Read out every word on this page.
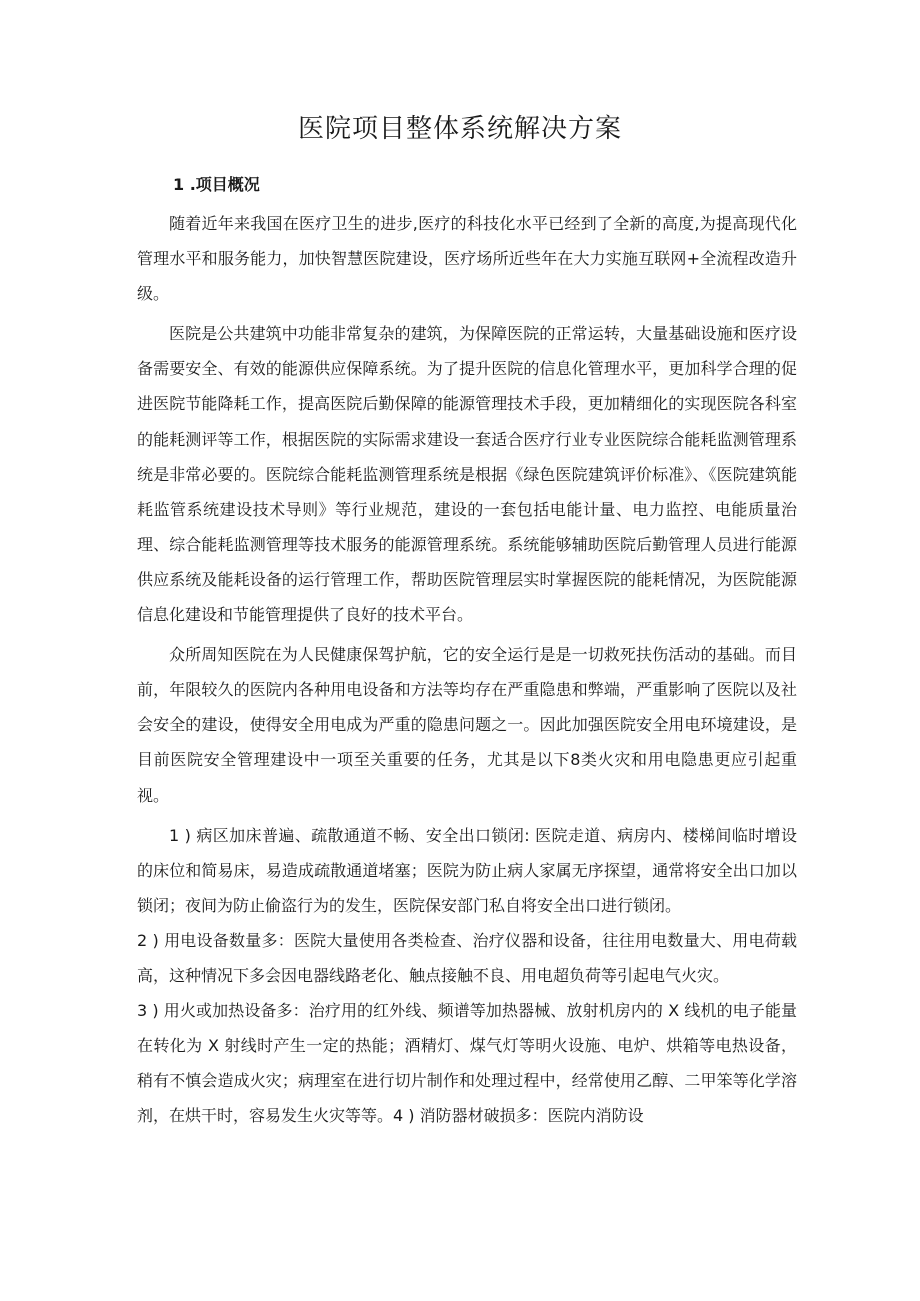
医院项目整体系统解决方案
1 .项目概况

随着近年来我国在医疗卫生的进步,医疗的科技化水平已经到了全新的高度,为提高现代化管理水平和服务能力，加快智慧医院建设，医疗场所近些年在大力实施互联网+全流程改造升级。

医院是公共建筑中功能非常复杂的建筑，为保障医院的正常运转，大量基础设施和医疗设备需要安全、有效的能源供应保障系统。为了提升医院的信息化管理水平，更加科学合理的促进医院节能降耗工作，提高医院后勤保障的能源管理技术手段，更加精细化的实现医院各科室的能耗测评等工作，根据医院的实际需求建设一套适合医疗行业专业医院综合能耗监测管理系统是非常必要的。医院综合能耗监测管理系统是根据《绿色医院建筑评价标准》、《医院建筑能耗监管系统建设技术导则》等行业规范，建设的一套包括电能计量、电力监控、电能质量治理、综合能耗监测管理等技术服务的能源管理系统。系统能够辅助医院后勤管理人员进行能源供应系统及能耗设备的运行管理工作，帮助医院管理层实时掌握医院的能耗情况，为医院能源信息化建设和节能管理提供了良好的技术平台。

众所周知医院在为人民健康保驾护航，它的安全运行是是一切救死扶伤活动的基础。而目前，年限较久的医院内各种用电设备和方法等均存在严重隐患和弊端，严重影响了医院以及社会安全的建设，使得安全用电成为严重的隐患问题之一。因此加强医院安全用电环境建设，是目前医院安全管理建设中一项至关重要的任务，尤其是以下8类火灾和用电隐患更应引起重视。

1 ) 病区加床普遍、疏散通道不畅、安全出口锁闭: 医院走道、病房内、楼梯间临时增设的床位和简易床，易造成疏散通道堵塞；医院为防止病人家属无序探望，通常将安全出口加以锁闭；夜间为防止偷盗行为的发生，医院保安部门私自将安全出口进行锁闭。

2 ) 用电设备数量多：医院大量使用各类检查、治疗仪器和设备，往往用电数量大、用电荷载高，这种情况下多会因电器线路老化、触点接触不良、用电超负荷等引起电气火灾。

3 ) 用火或加热设备多：治疗用的红外线、频谱等加热器械、放射机房内的 X 线机的电子能量在转化为 X 射线时产生一定的热能；酒精灯、煤气灯等明火设施、电炉、烘箱等电热设备，稍有不慎会造成火灾；病理室在进行切片制作和处理过程中，经常使用乙醇、二甲笨等化学溶剂，在烘干时，容易发生火灾等等。4 ) 消防器材破损多：医院内消防设
